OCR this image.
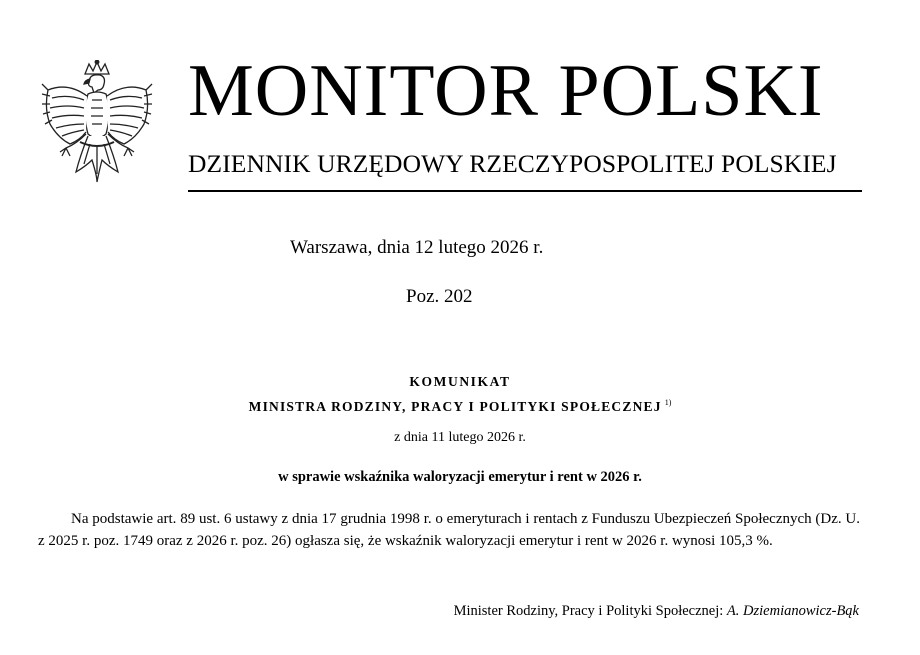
MONITOR POLSKI
DZIENNIK URZĘDOWY RZECZYPOSPOLITEJ POLSKIEJ
Warszawa, dnia 12 lutego 2026 r.
Poz. 202
KOMUNIKAT
MINISTRA RODZINY, PRACY I POLITYKI SPOŁECZNEJ $^{1)}$
z dnia 11 lutego 2026 r.
w sprawie wskaźnika waloryzacji emerytur i rent w 2026 r.
Na podstawie art. 89 ust. 6 ustawy z dnia 17 grudnia 1998 r. o emeryturach i rentach z Funduszu Ubezpieczeń Społecznych (Dz. U. z 2025 r. poz. 1749 oraz z 2026 r. poz. 26) ogłasza się, że wskaźnik waloryzacji emerytur i rent w 2026 r. wynosi 105,3 %.
Minister Rodziny, Pracy i Polityki Społecznej: A. Dziemianowicz-Bąk
